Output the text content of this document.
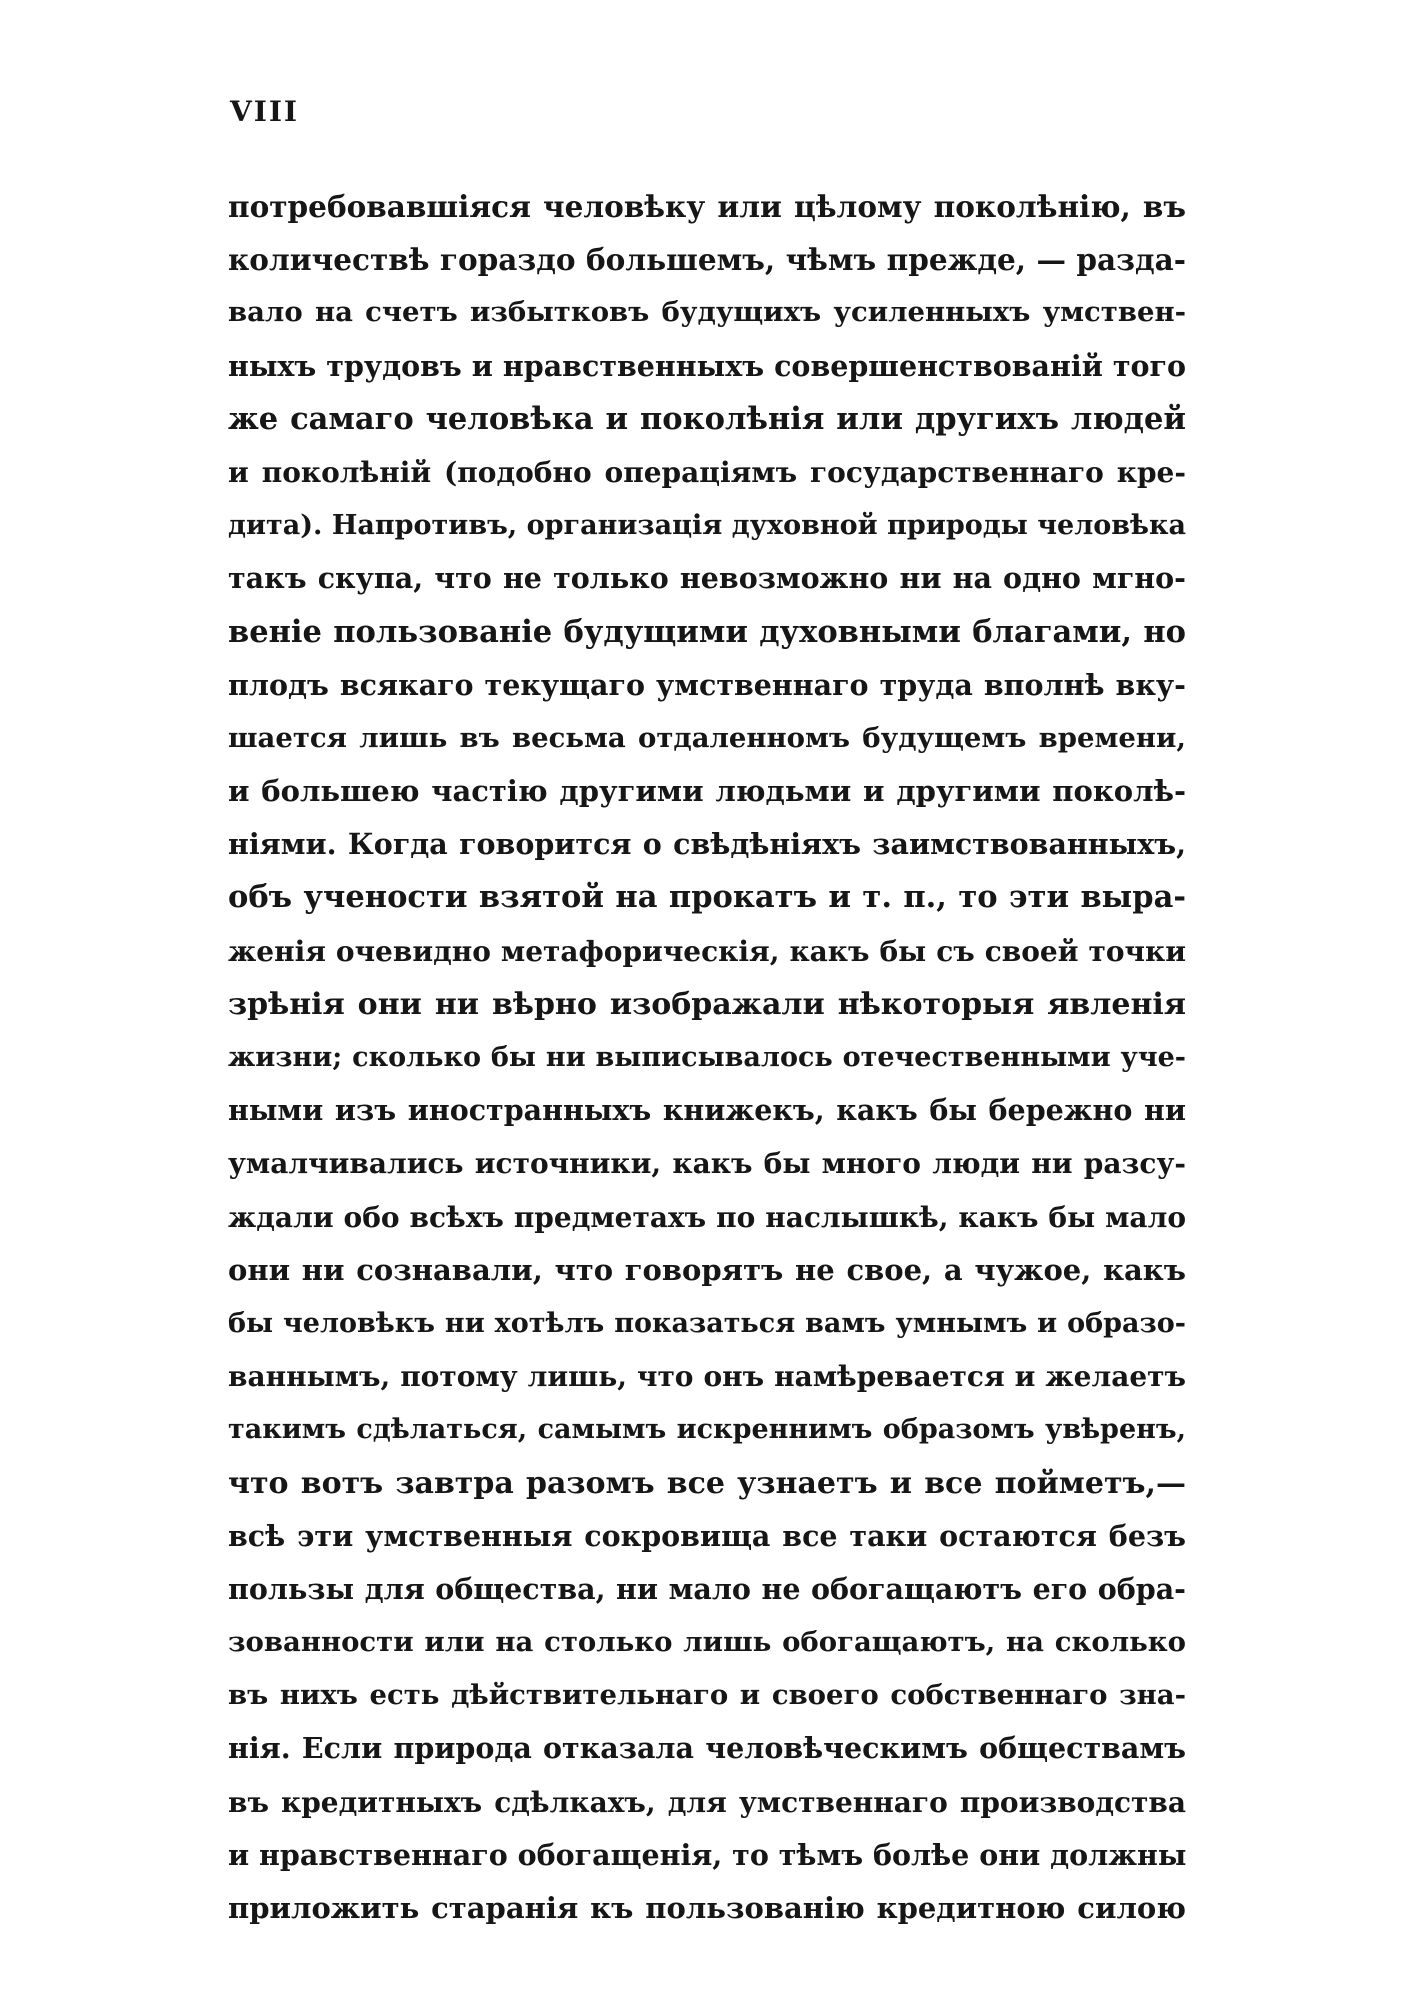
VIII
потребовавшіяся человѣку или цѣлому поколѣнію, въ
количествѣ гораздо большемъ, чѣмъ прежде, — разда-
вало на счетъ избытковъ будущихъ усиленныхъ умствен-
ныхъ трудовъ и нравственныхъ совершенствованій того
же самаго человѣка и поколѣнія или другихъ людей
и поколѣній (подобно операціямъ государственнаго кре-
дита). Напротивъ, организація духовной природы человѣка
такъ скупа, что не только невозможно ни на одно мгно-
веніе пользованіе будущими духовными благами, но
плодъ всякаго текущаго умственнаго труда вполнѣ вку-
шается лишь въ весьма отдаленномъ будущемъ времени,
и большею частію другими людьми и другими поколѣ-
ніями. Когда говорится о свѣдѣніяхъ заимствованныхъ,
объ учености взятой на прокатъ и т. п., то эти выра-
женія очевидно метафорическія, какъ бы съ своей точки
зрѣнія они ни вѣрно изображали нѣкоторыя явленія
жизни; сколько бы ни выписывалось отечественными уче-
ными изъ иностранныхъ книжекъ, какъ бы бережно ни
умалчивались источники, какъ бы много люди ни разсу-
ждали обо всѣхъ предметахъ по наслышкѣ, какъ бы мало
они ни сознавали, что говорятъ не свое, а чужое, какъ
бы человѣкъ ни хотѣлъ показаться вамъ умнымъ и образо-
ваннымъ, потому лишь, что онъ намѣревается и желаетъ
такимъ сдѣлаться, самымъ искреннимъ образомъ увѣренъ,
что вотъ завтра разомъ все узнаетъ и все пойметъ,—
всѣ эти умственныя сокровища все таки остаются безъ
пользы для общества, ни мало не обогащаютъ его обра-
зованности или на столько лишь обогащаютъ, на сколько
въ нихъ есть дѣйствительнаго и своего собственнаго зна-
нія. Если природа отказала человѣческимъ обществамъ
въ кредитныхъ сдѣлкахъ, для умственнаго производства
и нравственнаго обогащенія, то тѣмъ болѣе они должны
приложить старанія къ пользованію кредитною силою
